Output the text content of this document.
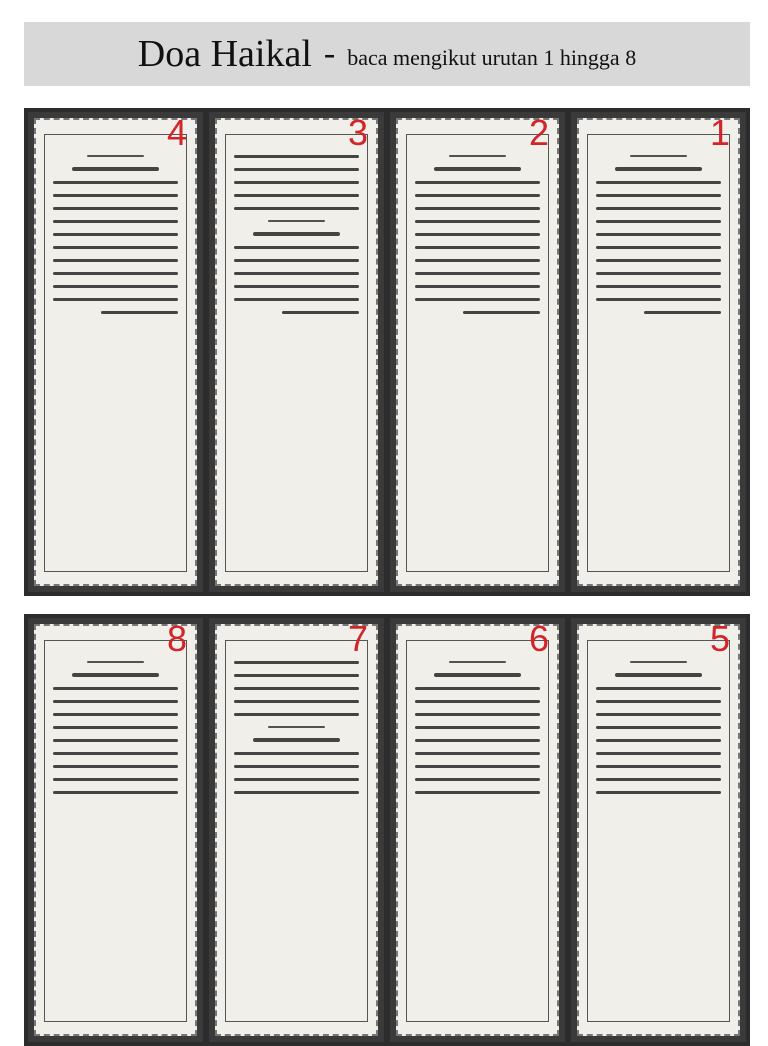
Doa Haikal - baca mengikut urutan 1 hingga 8
4	3	2	1
8	7	6	5
